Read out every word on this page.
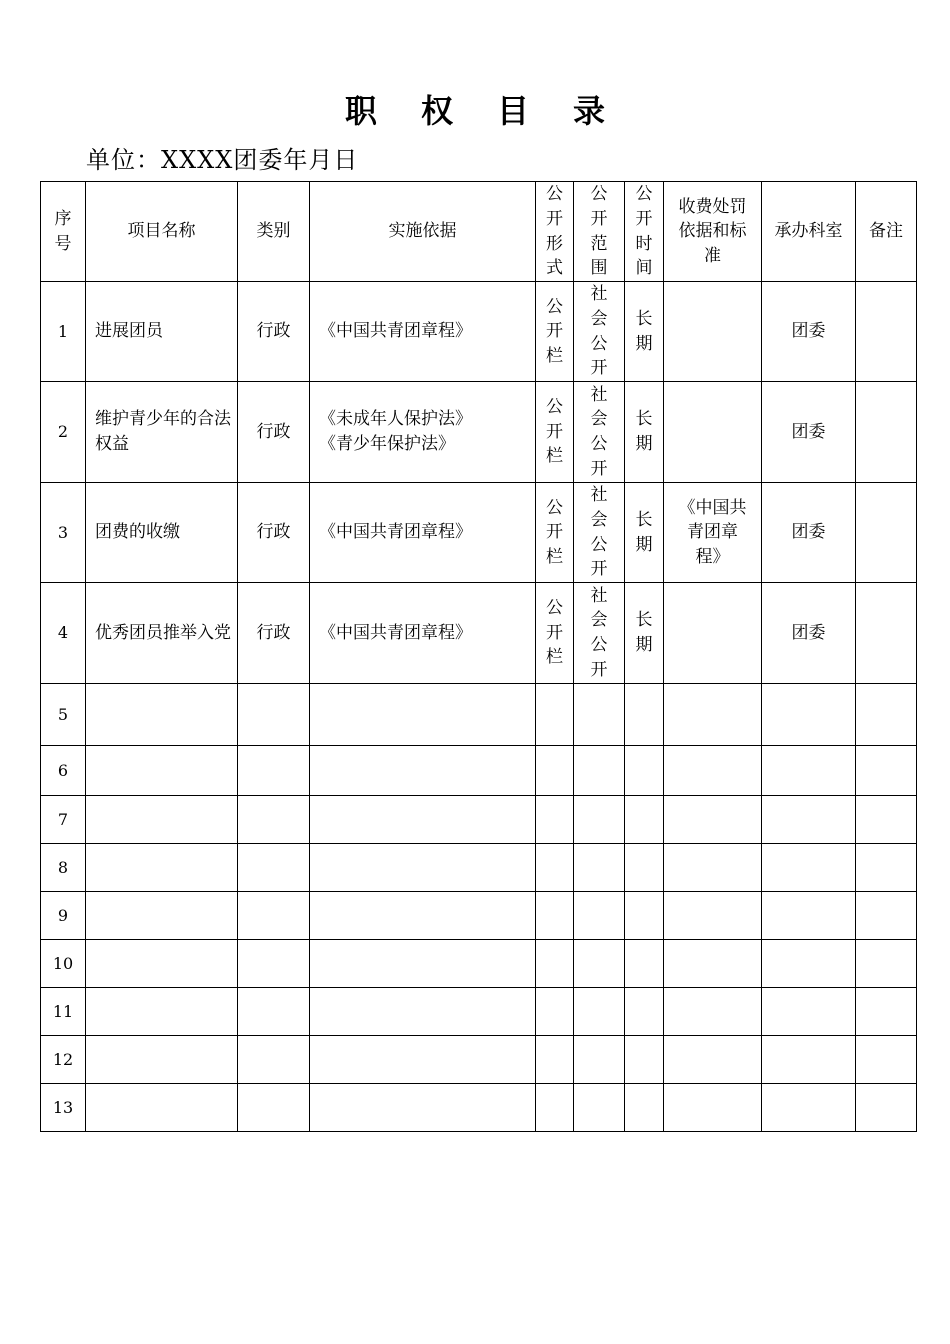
职 权 目 录
单位：XXXX团委年月日
序号	项目名称	类别	实施依据	公开形式	公开范围	公开时间	收费处罚依据和标准	承办科室	备注
1	进展团员	行政	《中国共青团章程》	公开栏	社会公开	长期		团委	
2	维护青少年的合法权益	行政	《未成年人保护法》
《青少年保护法》	公开栏	社会公开	长期		团委	
3	团费的收缴	行政	《中国共青团章程》	公开栏	社会公开	长期	《中国共青团章程》	团委	
4	优秀团员推举入党	行政	《中国共青团章程》	公开栏	社会公开	长期		团委	
5									
6									
7									
8									
9									
10									
11									
12									
13									
